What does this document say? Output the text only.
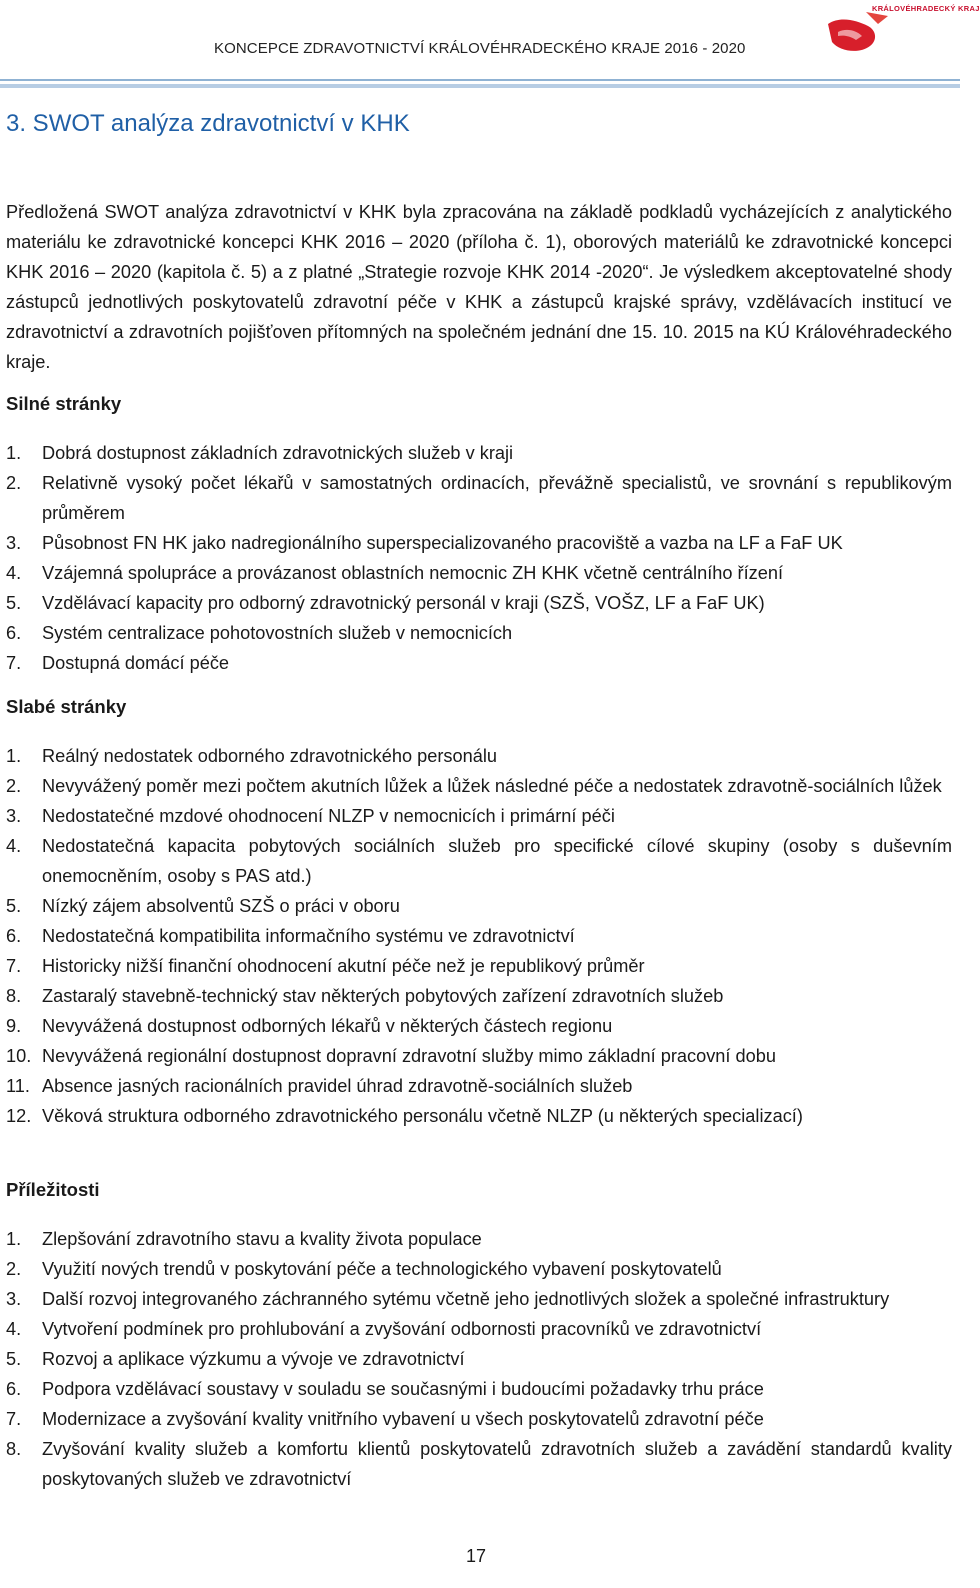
KONCEPCE ZDRAVOTNICTVÍ KRÁLOVÉHRADECKÉHO KRAJE 2016 - 2020
KRÁLOVÉHRADECKÝ KRAJ
3. SWOT analýza zdravotnictví v KHK

Předložená SWOT analýza zdravotnictví v KHK byla zpracována na základě podkladů vycházejících z analytického materiálu ke zdravotnické koncepci KHK 2016 – 2020 (příloha č. 1), oborových materiálů ke zdravotnické koncepci KHK 2016 – 2020 (kapitola č. 5) a z platné „Strategie rozvoje KHK 2014 -2020“. Je výsledkem akceptovatelné shody zástupců jednotlivých poskytovatelů zdravotní péče v KHK a zástupců krajské správy, vzdělávacích institucí ve zdravotnictví a zdravotních pojišťoven přítomných na společném jednání dne 15. 10. 2015 na KÚ Královéhradeckého kraje.

Silné stránky
1. Dobrá dostupnost základních zdravotnických služeb v kraji
2. Relativně vysoký počet lékařů v samostatných ordinacích, převážně specialistů, ve srovnání s republikovým průměrem
3. Působnost FN HK jako nadregionálního superspecializovaného pracoviště a vazba na LF a FaF UK
4. Vzájemná spolupráce a provázanost oblastních nemocnic ZH KHK včetně centrálního řízení
5. Vzdělávací kapacity pro odborný zdravotnický personál v kraji (SZŠ, VOŠZ, LF a FaF UK)
6. Systém centralizace pohotovostních služeb v nemocnicích
7. Dostupná domácí péče
Slabé stránky
1. Reálný nedostatek odborného zdravotnického personálu
2. Nevyvážený poměr mezi počtem akutních lůžek a lůžek následné péče a nedostatek zdravotně-sociálních lůžek
3. Nedostatečné mzdové ohodnocení NLZP v nemocnicích i primární péči
4. Nedostatečná kapacita pobytových sociálních služeb pro specifické cílové skupiny (osoby s duševním onemocněním, osoby s PAS atd.)
5. Nízký zájem absolventů SZŠ o práci v oboru
6. Nedostatečná kompatibilita informačního systému ve zdravotnictví
7. Historicky nižší finanční ohodnocení akutní péče než je republikový průměr
8. Zastaralý stavebně-technický stav některých pobytových zařízení zdravotních služeb
9. Nevyvážená dostupnost odborných lékařů v některých částech regionu
10. Nevyvážená regionální dostupnost dopravní zdravotní služby mimo základní pracovní dobu
11. Absence jasných racionálních pravidel úhrad zdravotně-sociálních služeb
12. Věková struktura odborného zdravotnického personálu včetně NLZP (u některých specializací)
Příležitosti
1. Zlepšování zdravotního stavu a kvality života populace
2. Využití nových trendů v poskytování péče a technologického vybavení poskytovatelů
3. Další rozvoj integrovaného záchranného sytému včetně jeho jednotlivých složek a společné infrastruktury
4. Vytvoření podmínek pro prohlubování a zvyšování odbornosti pracovníků ve zdravotnictví
5. Rozvoj a aplikace výzkumu a vývoje ve zdravotnictví
6. Podpora vzdělávací soustavy v souladu se současnými i budoucími požadavky trhu práce
7. Modernizace a zvyšování kvality vnitřního vybavení u všech poskytovatelů zdravotní péče
8. Zvyšování kvality služeb a komfortu klientů poskytovatelů zdravotních služeb a zavádění standardů kvality poskytovaných služeb ve zdravotnictví
17
